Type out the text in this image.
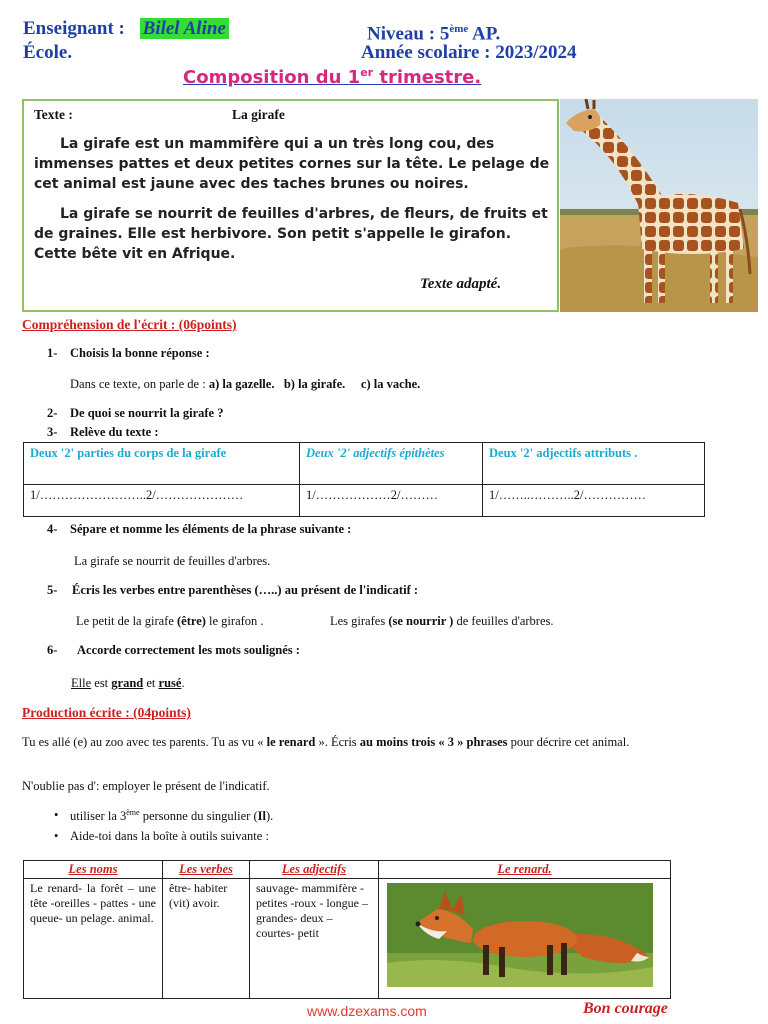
Enseignant : Bilel Aline	Niveau : 5ème AP.
École.	Année scolaire : 2023/2024
Composition du 1er trimestre.
Texte :	La girafe
La girafe est un mammifère qui a un très long cou, des immenses pattes et deux petites cornes sur la tête. Le pelage de cet animal est jaune avec des taches brunes ou noires.
La girafe se nourrit de feuilles d'arbres, de fleurs, de fruits et de graines. Elle est herbivore. Son petit s'appelle le girafon. Cette bête vit en Afrique.
Texte adapté.
Compréhension de l'écrit : (06points)
1- Choisis la bonne réponse :
Dans ce texte, on parle de : a) la gazelle. b) la girafe. c) la vache.
2- De quoi se nourrit la girafe ?
3- Relève du texte :
Deux '2' parties du corps de la girafe	Deux '2' adjectifs épithètes	Deux '2' adjectifs attributs .
1/……………………..2/…………………	1/………………2/………	1/……..………..2/……………
4- Sépare et nomme les éléments de la phrase suivante :
La girafe se nourrit de feuilles d'arbres.
5- Écris les verbes entre parenthèses (…..) au présent de l'indicatif :
Le petit de la girafe (être) le girafon .	Les girafes (se nourrir ) de feuilles d'arbres.
6- Accorde correctement les mots soulignés :
Elle est grand et rusé.
Production écrite : (04points)
Tu es allé (e) au zoo avec tes parents. Tu as vu « le renard ». Écris au moins trois « 3 » phrases pour décrire cet animal.
N'oublie pas d': employer le présent de l'indicatif.
• utiliser la 3ème personne du singulier (Il).
• Aide-toi dans la boîte à outils suivante :
Les noms	Les verbes	Les adjectifs	Le renard.
Le renard- la forêt – une tête -oreilles - pattes - une queue- un pelage. animal.	être- habiter (vit) avoir.	sauvage- mammifère -petites -roux - longue – grandes- deux – courtes- petit	
www.dzexams.com	Bon courage
